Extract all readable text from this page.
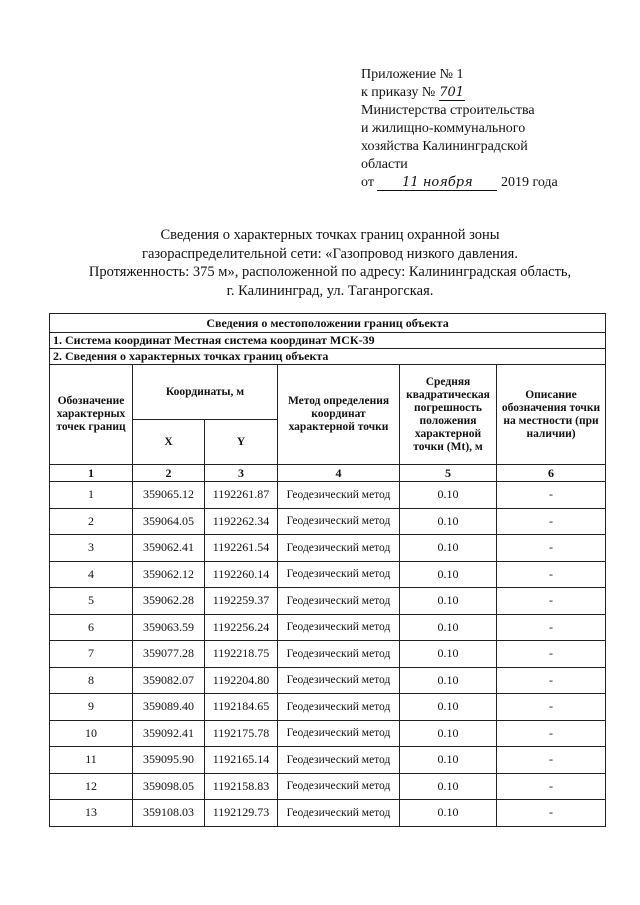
Приложение № 1
к приказу № 701
Министерства строительства
и жилищно-коммунального
хозяйства Калининградской
области
от 11 ноября 2019 года
Сведения о характерных точках границ охранной зоны
газораспределительной сети: «Газопровод низкого давления.
Протяженность: 375 м», расположенной по адресу: Калининградская область,
г. Калининград, ул. Таганрогская.
Сведения о местоположении границ объекта					
1. Система координат Местная система координат МСК-39					
2. Сведения о характерных точках границ объекта					
Обозначение характерных точек границ	Координаты, м		Метод определения координат характерной точки	Средняя квадратическая погрешность положения характерной точки (Mt), м	Описание обозначения точки на местности (при наличии)
	X	Y			
1	2	3	4	5	6
1	359065.12	1192261.87	Геодезический метод	0.10	-
2	359064.05	1192262.34	Геодезический метод	0.10	-
3	359062.41	1192261.54	Геодезический метод	0.10	-
4	359062.12	1192260.14	Геодезический метод	0.10	-
5	359062.28	1192259.37	Геодезический метод	0.10	-
6	359063.59	1192256.24	Геодезический метод	0.10	-
7	359077.28	1192218.75	Геодезический метод	0.10	-
8	359082.07	1192204.80	Геодезический метод	0.10	-
9	359089.40	1192184.65	Геодезический метод	0.10	-
10	359092.41	1192175.78	Геодезический метод	0.10	-
11	359095.90	1192165.14	Геодезический метод	0.10	-
12	359098.05	1192158.83	Геодезический метод	0.10	-
13	359108.03	1192129.73	Геодезический метод	0.10	-
